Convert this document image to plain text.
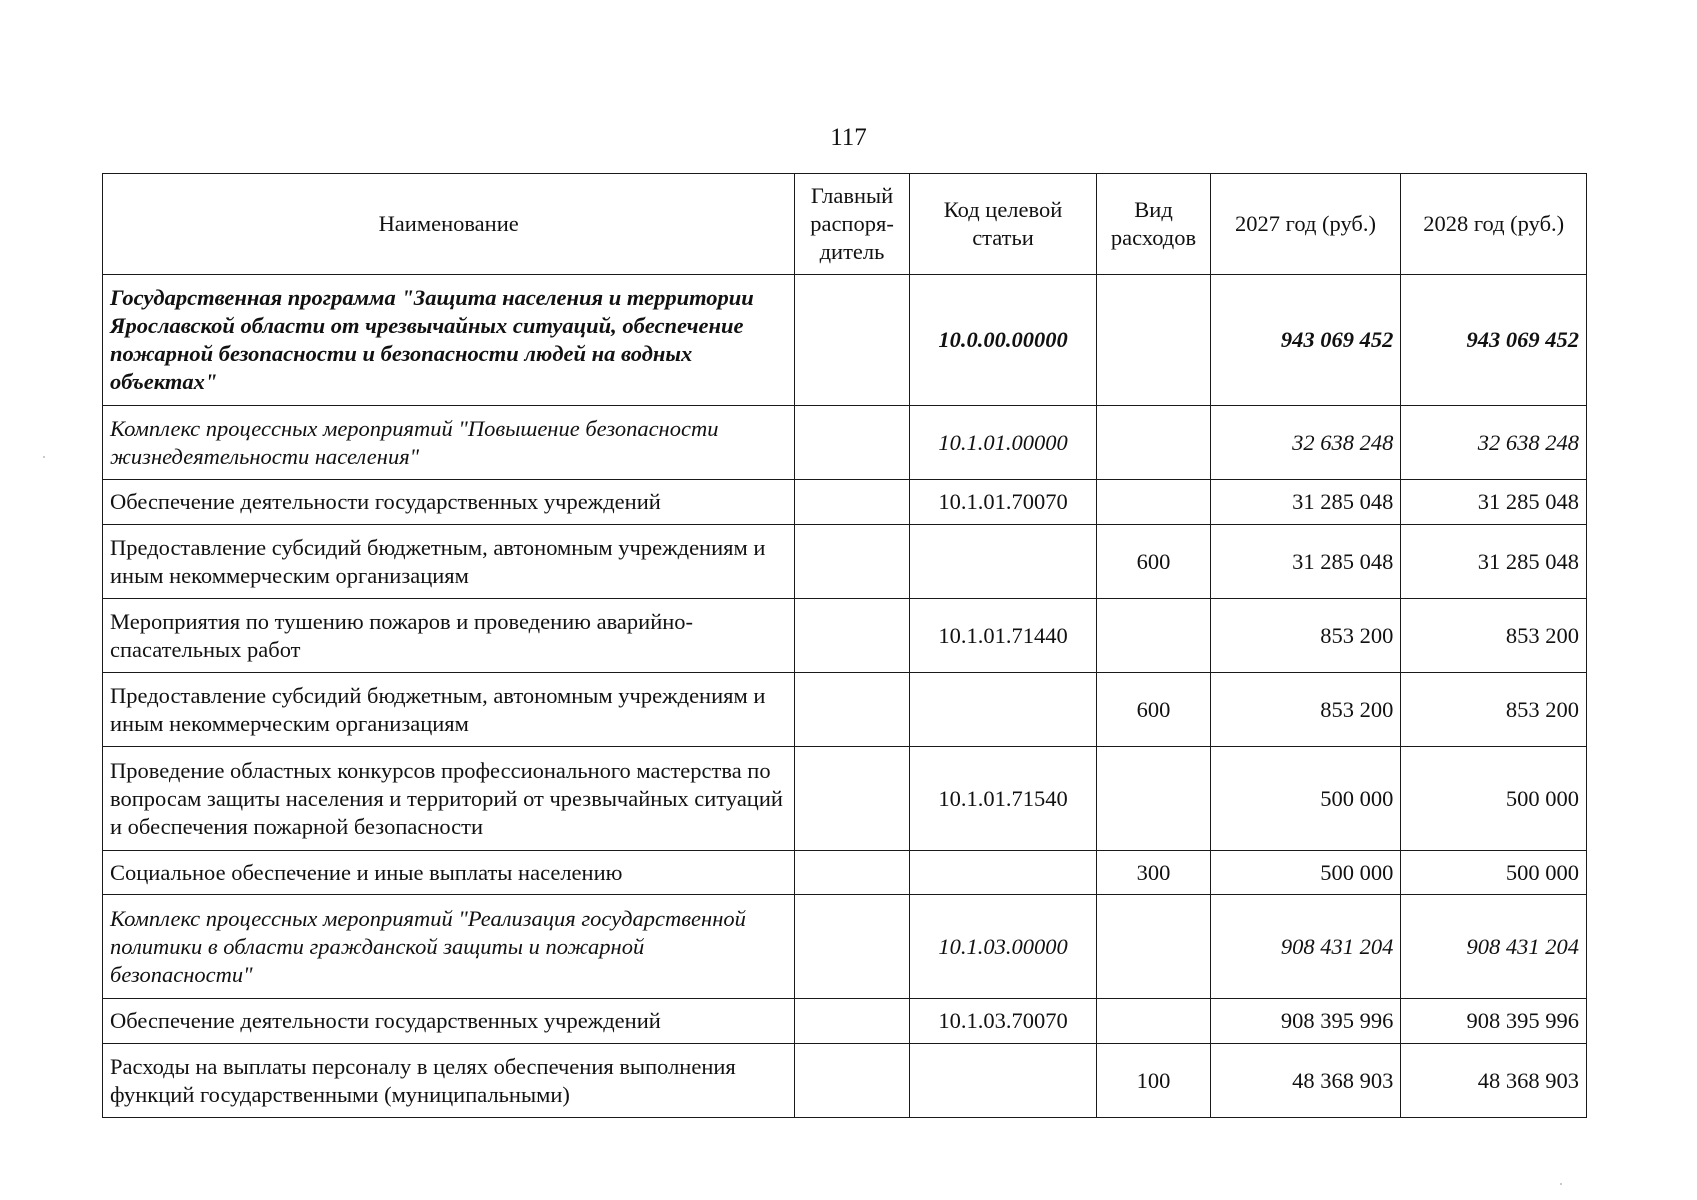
117
Наименование	Главный распоря-дитель	Код целевой статьи	Вид расходов	2027 год (руб.)	2028 год (руб.)
Государственная программа "Защита населения и территории Ярославской области от чрезвычайных ситуаций, обеспечение пожарной безопасности и безопасности людей на водных объектах"		10.0.00.00000		943 069 452	943 069 452
Комплекс процессных мероприятий "Повышение безопасности жизнедеятельности населения"		10.1.01.00000		32 638 248	32 638 248
Обеспечение деятельности государственных учреждений		10.1.01.70070		31 285 048	31 285 048
Предоставление субсидий бюджетным, автономным учреждениям и иным некоммерческим организациям			600	31 285 048	31 285 048
Мероприятия по тушению пожаров и проведению аварийно-спасательных работ		10.1.01.71440		853 200	853 200
Предоставление субсидий бюджетным, автономным учреждениям и иным некоммерческим организациям			600	853 200	853 200
Проведение областных конкурсов профессионального мастерства по вопросам защиты населения и территорий от чрезвычайных ситуаций и обеспечения пожарной безопасности		10.1.01.71540		500 000	500 000
Социальное обеспечение и иные выплаты населению			300	500 000	500 000
Комплекс процессных мероприятий "Реализация государственной политики в области гражданской защиты и пожарной безопасности"		10.1.03.00000		908 431 204	908 431 204
Обеспечение деятельности государственных учреждений		10.1.03.70070		908 395 996	908 395 996
Расходы на выплаты персоналу в целях обеспечения выполнения функций государственными (муниципальными)			100	48 368 903	48 368 903
